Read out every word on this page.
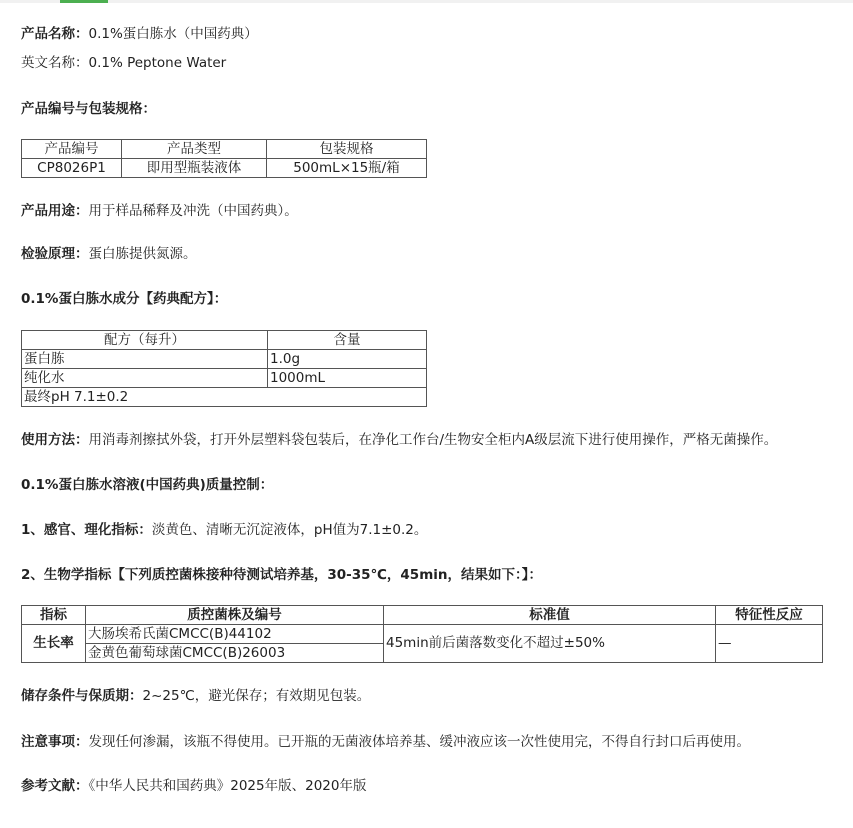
产品名称：0.1%蛋白胨水（中国药典）
英文名称：0.1% Peptone Water
产品编号与包装规格：
产品编号	产品类型	包装规格
CP8026P1	即用型瓶装液体	500mL×15瓶/箱
产品用途：用于样品稀释及冲洗（中国药典）。
检验原理：蛋白胨提供氮源。
0.1%蛋白胨水成分【药典配方】：
配方（每升）	含量
蛋白胨	1.0g
纯化水	1000mL
最终pH 7.1±0.2	
使用方法：用消毒剂擦拭外袋，打开外层塑料袋包装后，在净化工作台/生物安全柜内A级层流下进行使用操作，严格无菌操作。
0.1%蛋白胨水溶液(中国药典)质量控制：
1、感官、理化指标：淡黄色、清晰无沉淀液体，pH值为7.1±0.2。
2、生物学指标【下列质控菌株接种待测试培养基，30-35℃，45min，结果如下：】：
指标	质控菌株及编号	标准值	特征性反应
生长率	大肠埃希氏菌CMCC(B)44102	45min前后菌落数变化不超过±50%	—
	金黄色葡萄球菌CMCC(B)26003		
储存条件与保质期：2~25℃，避光保存；有效期见包装。
注意事项：发现任何渗漏，该瓶不得使用。已开瓶的无菌液体培养基、缓冲液应该一次性使用完，不得自行封口后再使用。
参考文献：《中华人民共和国药典》2025年版、2020年版
